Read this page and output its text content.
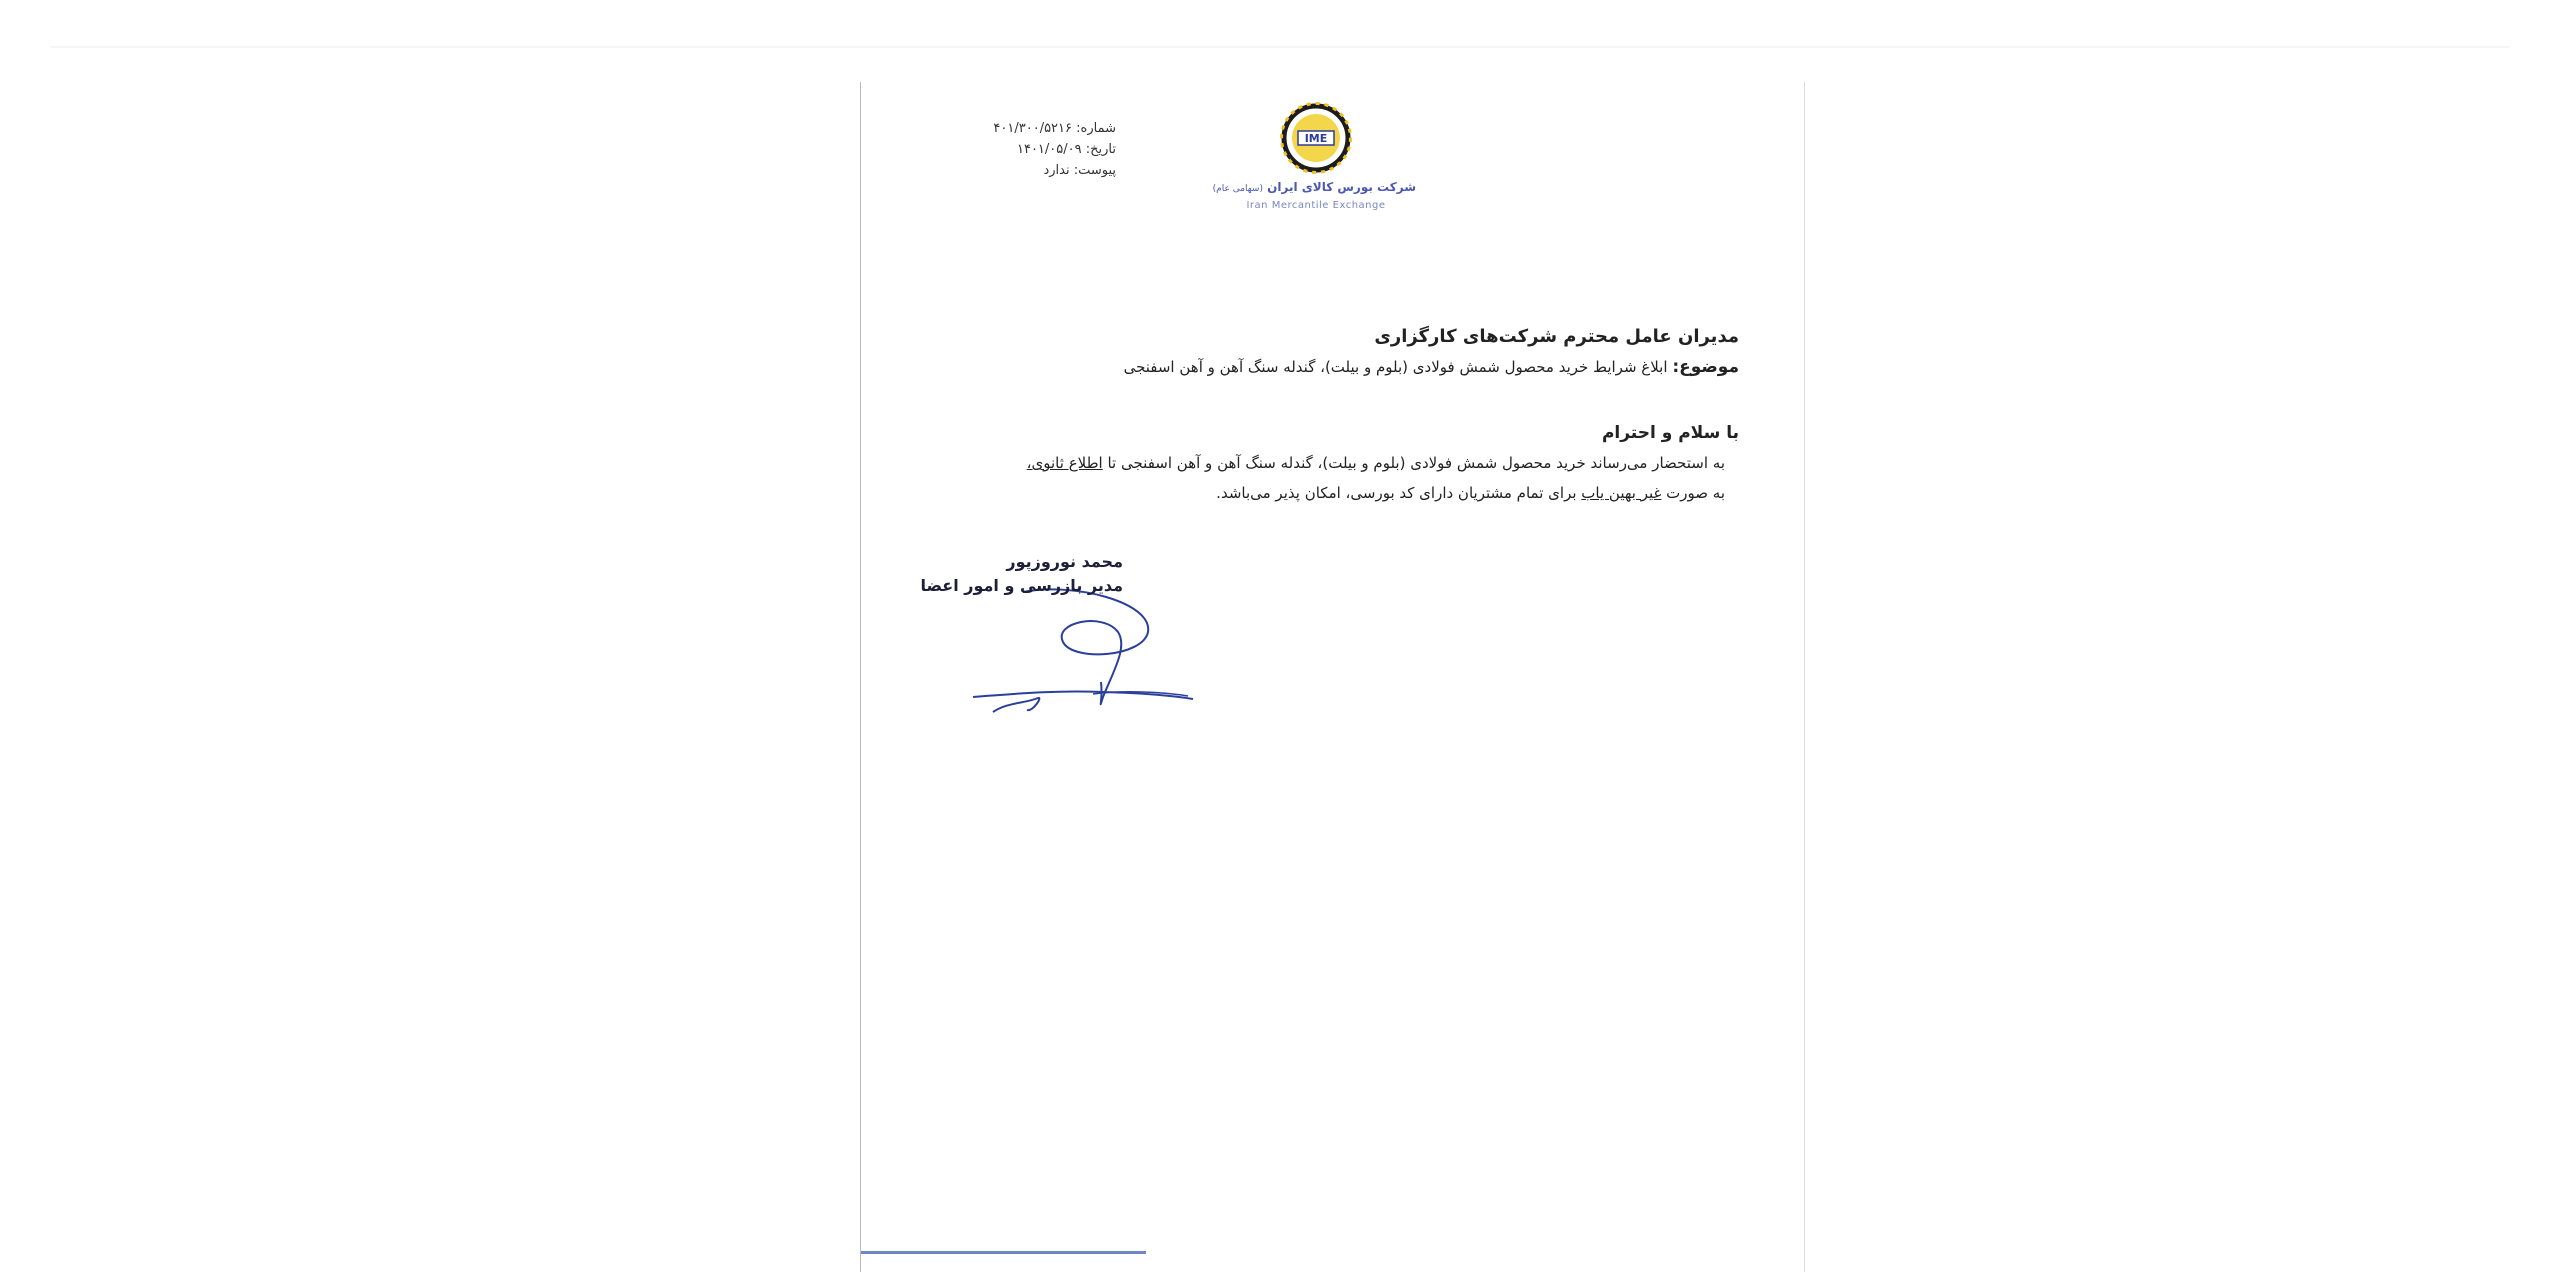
شماره: ۴۰۱/۳۰۰/۵۲۱۶
تاریخ: ۱۴۰۱/۰۵/۰۹
پیوست: ندارد
IME
شرکت بورس کالای ایران (سهامی عام)
Iran Mercantile Exchange

مدیران عامل محترم شرکت‌های کارگزاری

موضوع: ابلاغ شرایط خرید محصول شمش فولادی (بلوم و بیلت)، گندله سنگ آهن و آهن اسفنجی

با سلام و احترام

به استحضار می‌رساند خرید محصول شمش فولادی (بلوم و بیلت)، گندله سنگ آهن و آهن اسفنجی تا اطلاع ثانوی،
به صورت غیر بهین یاب برای تمام مشتریان دارای کد بورسی، امکان پذیر می‌باشد.

محمد نوروزپور
مدیر بازرسی و امور اعضا
